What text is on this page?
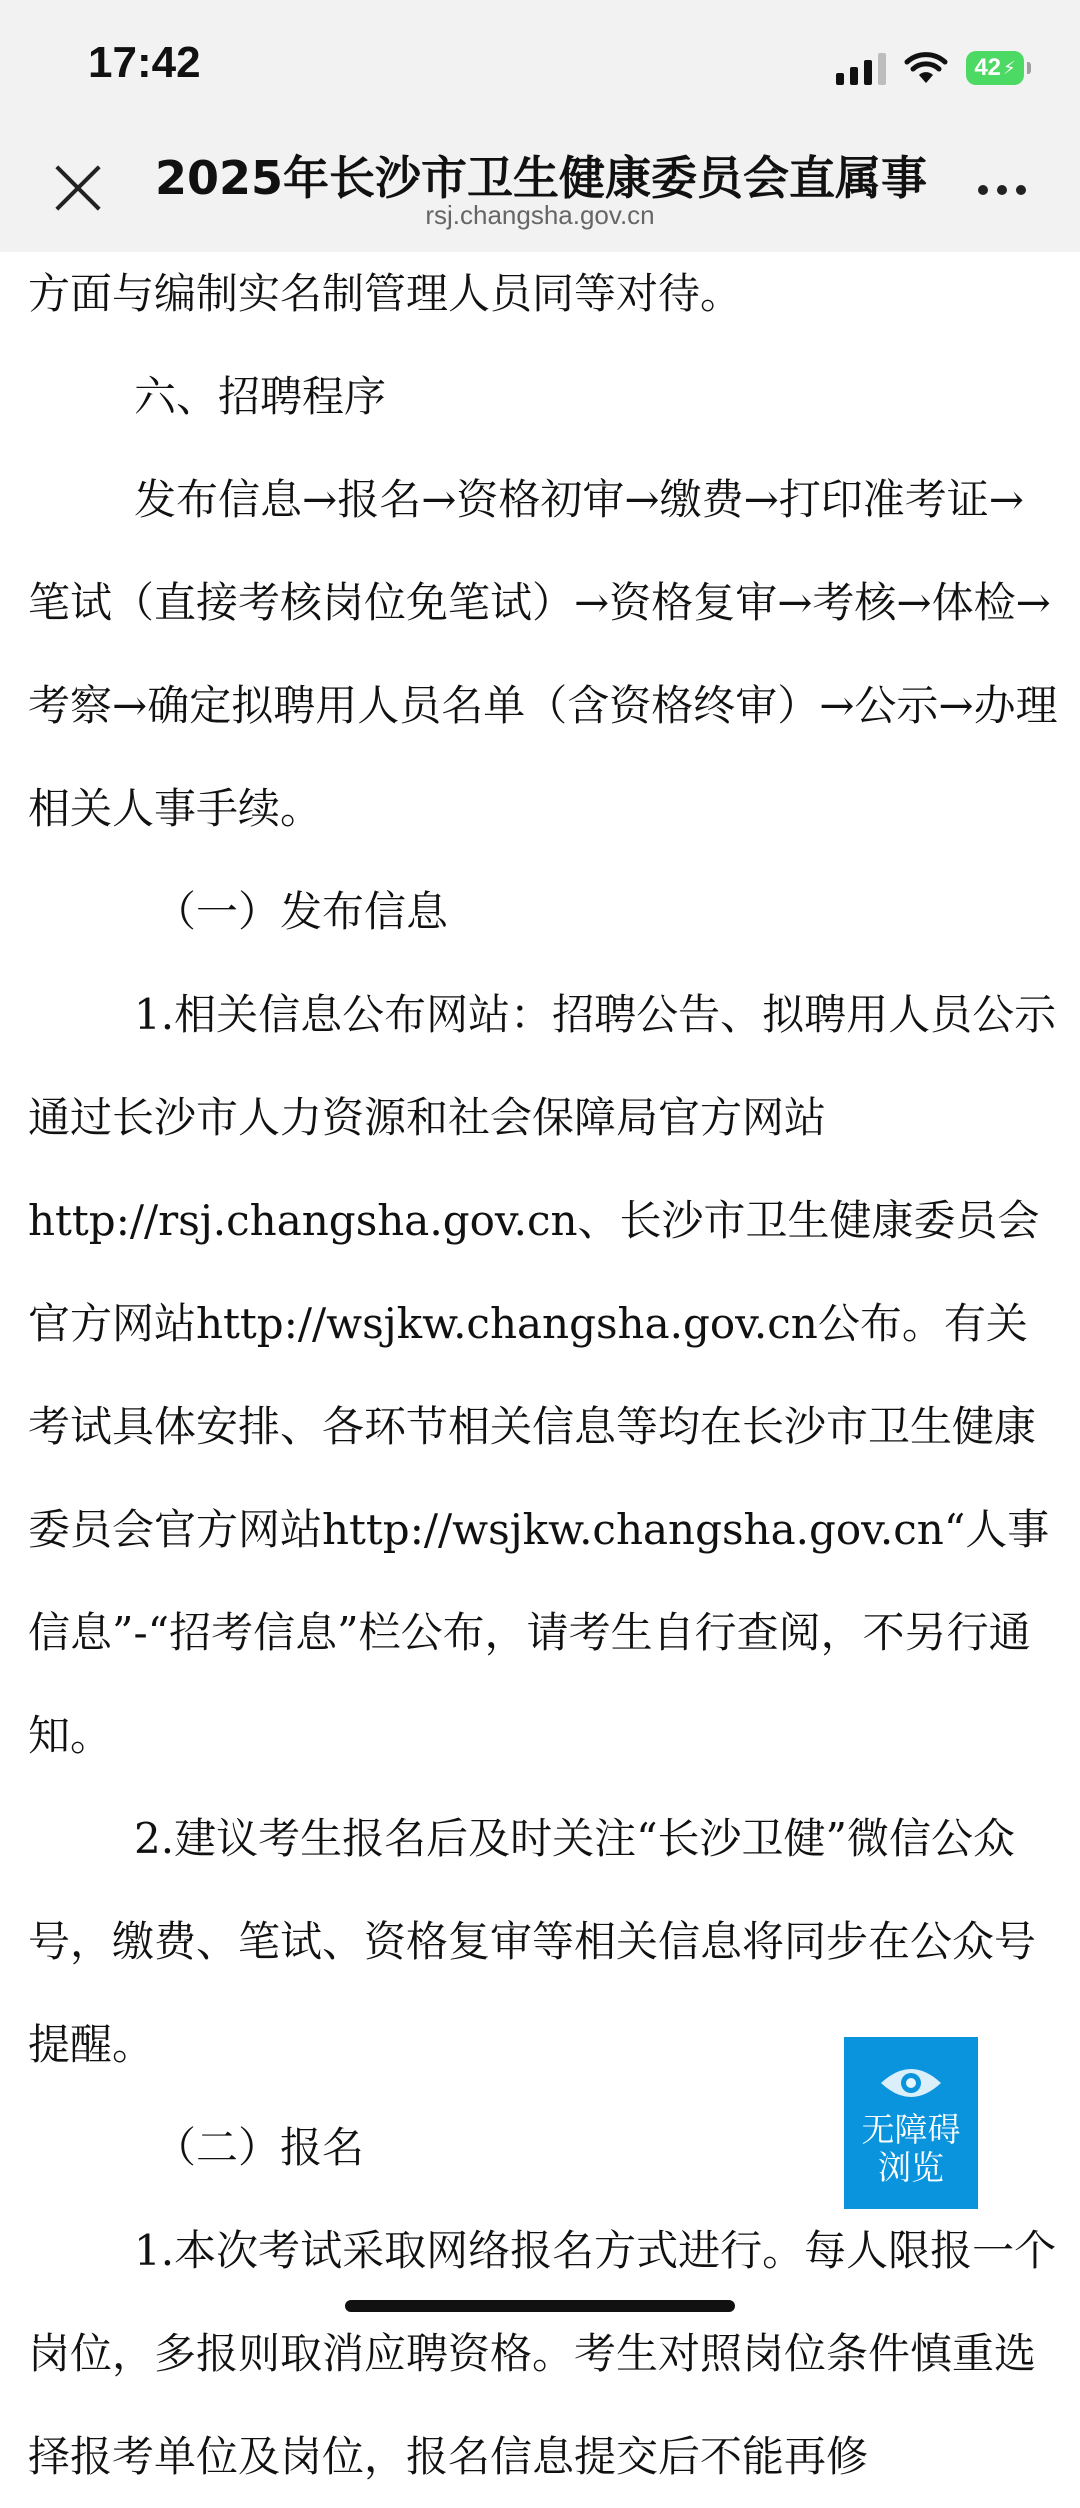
17:42	42 ⚡
2025年长沙市卫生健康委员会直属事
rsj.changsha.gov.cn

方面与编制实名制管理人员同等对待。

六、招聘程序

发布信息→报名→资格初审→缴费→打印准考证→笔试（直接考核岗位免笔试）→资格复审→考核→体检→考察→确定拟聘用人员名单（含资格终审）→公示→办理相关人事手续。

（一）发布信息

1.相关信息公布网站：招聘公告、拟聘用人员公示通过长沙市人力资源和社会保障局官方网站http://rsj.changsha.gov.cn、长沙市卫生健康委员会官方网站http://wsjkw.changsha.gov.cn公布。有关考试具体安排、各环节相关信息等均在长沙市卫生健康委员会官方网站http://wsjkw.changsha.gov.cn“人事信息”-“招考信息”栏公布，请考生自行查阅，不另行通知。

2.建议考生报名后及时关注“长沙卫健”微信公众号，缴费、笔试、资格复审等相关信息将同步在公众号提醒。

（二）报名

1.本次考试采取网络报名方式进行。每人限报一个岗位，多报则取消应聘资格。考生对照岗位条件慎重选择报考单位及岗位，报名信息提交后不能再修

无障碍
浏览
